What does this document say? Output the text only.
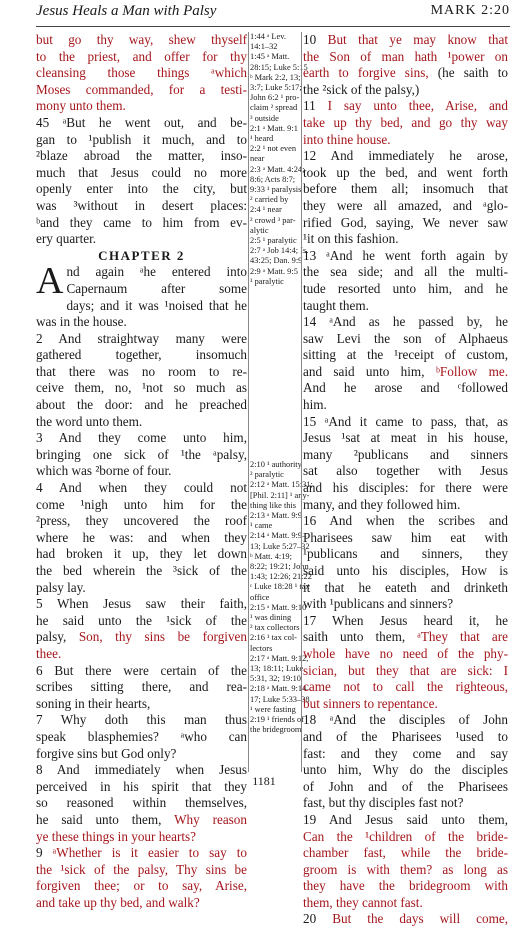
Jesus Heals a Man with Palsy	MARK 2:20
but go thy way, shew thyself
to the priest, and offer for thy
cleansing those things ᵃwhich
Moses commanded, for a testi-
mony unto them.
45 ᵃBut he went out, and be-
gan to ¹publish it much, and to
²blaze abroad the matter, inso-
much that Jesus could no more
openly enter into the city, but
was ³without in desert places:
ᵇand they came to him from ev-
ery quarter.
CHAPTER 2
And again ᵃhe entered into
Capernaum after some
days; and it was ¹noised that he
was in the house.
2 And straightway many were
gathered together, insomuch
that there was no room to re-
ceive them, no, ¹not so much as
about the door: and he preached
the word unto them.
3 And they come unto him,
bringing one sick of ¹the ᵃpalsy,
which was ²borne of four.
4 And when they could not
come ¹nigh unto him for the
²press, they uncovered the roof
where he was: and when they
had broken it up, they let down
the bed wherein the ³sick of the
palsy lay.
5 When Jesus saw their faith,
he said unto the ¹sick of the
palsy, Son, thy sins be forgiven
thee.
6 But there were certain of the
scribes sitting there, and rea-
soning in their hearts,
7 Why doth this man thus
speak blasphemies? ᵃwho can
forgive sins but God only?
8 And immediately when Jesus
perceived in his spirit that they
so reasoned within themselves,
he said unto them, Why reason
ye these things in your hearts?
9 ᵃWhether is it easier to say to
the ¹sick of the palsy, Thy sins be
forgiven thee; or to say, Arise,
and take up thy bed, and walk?
1:44 ᵃ Lev.
14:1–32
1:45 ᵃ Matt.
28:15; Luke 5:15
ᵇ Mark 2:2, 13;
3:7; Luke 5:17;
John 6:2 ¹ pro-
claim ² spread
³ outside
2:1 ᵃ Matt. 9:1
¹ heard
2:2 ¹ not even
near
2:3 ᵃ Matt. 4:24;
8:6; Acts 8:7;
9:33 ¹ paralysis
² carried by
2:4 ¹ near
² crowd ³ par-
alytic
2:5 ¹ paralytic
2:7 ᵃ Job 14:4; Is.
43:25; Dan. 9:9
2:9 ᵃ Matt. 9:5
¹ paralytic
2:10 ¹ authority
² paralytic
2:12 ᵃ Matt. 15:31;
[Phil. 2:11] ¹ any-
thing like this
2:13 ᵃ Matt. 9:9
¹ came
2:14 ᵃ Matt. 9:9–
13; Luke 5:27–32
ᵇ Matt. 4:19;
8:22; 19:21; John
1:43; 12:26; 21:22
ᶜ Luke 18:28 ¹ tax
office
2:15 ᵃ Matt. 9:10
¹ was dining
² tax collectors
2:16 ¹ tax col-
lectors
2:17 ᵃ Matt. 9:12,
13; 18:11; Luke
5:31, 32; 19:10
2:18 ᵃ Matt. 9:14–
17; Luke 5:33–38
¹ were fasting
2:19 ¹ friends of
the bridegroom
10 But that ye may know that
the Son of man hath ¹power on
earth to forgive sins, (he saith to
the ²sick of the palsy,)
11 I say unto thee, Arise, and
take up thy bed, and go thy way
into thine house.
12 And immediately he arose,
took up the bed, and went forth
before them all; insomuch that
they were all amazed, and ᵃglo-
rified God, saying, We never saw
¹it on this fashion.
13 ᵃAnd he went forth again by
the sea side; and all the multi-
tude resorted unto him, and he
taught them.
14 ᵃAnd as he passed by, he
saw Levi the son of Alphaeus
sitting at the ¹receipt of custom,
and said unto him, ᵇFollow me.
And he arose and ᶜfollowed
him.
15 ᵃAnd it came to pass, that, as
Jesus ¹sat at meat in his house,
many ²publicans and sinners
sat also together with Jesus
and his disciples: for there were
many, and they followed him.
16 And when the scribes and
Pharisees saw him eat with
¹publicans and sinners, they
said unto his disciples, How is
it that he eateth and drinketh
with ¹publicans and sinners?
17 When Jesus heard it, he
saith unto them, ᵃThey that are
whole have no need of the phy-
sician, but they that are sick: I
came not to call the righteous,
but sinners to repentance.
18 ᵃAnd the disciples of John
and of the Pharisees ¹used to
fast: and they come and say
unto him, Why do the disciples
of John and of the Pharisees
fast, but thy disciples fast not?
19 And Jesus said unto them,
Can the ¹children of the bride-
chamber fast, while the bride-
groom is with them? as long as
they have the bridegroom with
them, they cannot fast.
20 But the days will come,
1181
